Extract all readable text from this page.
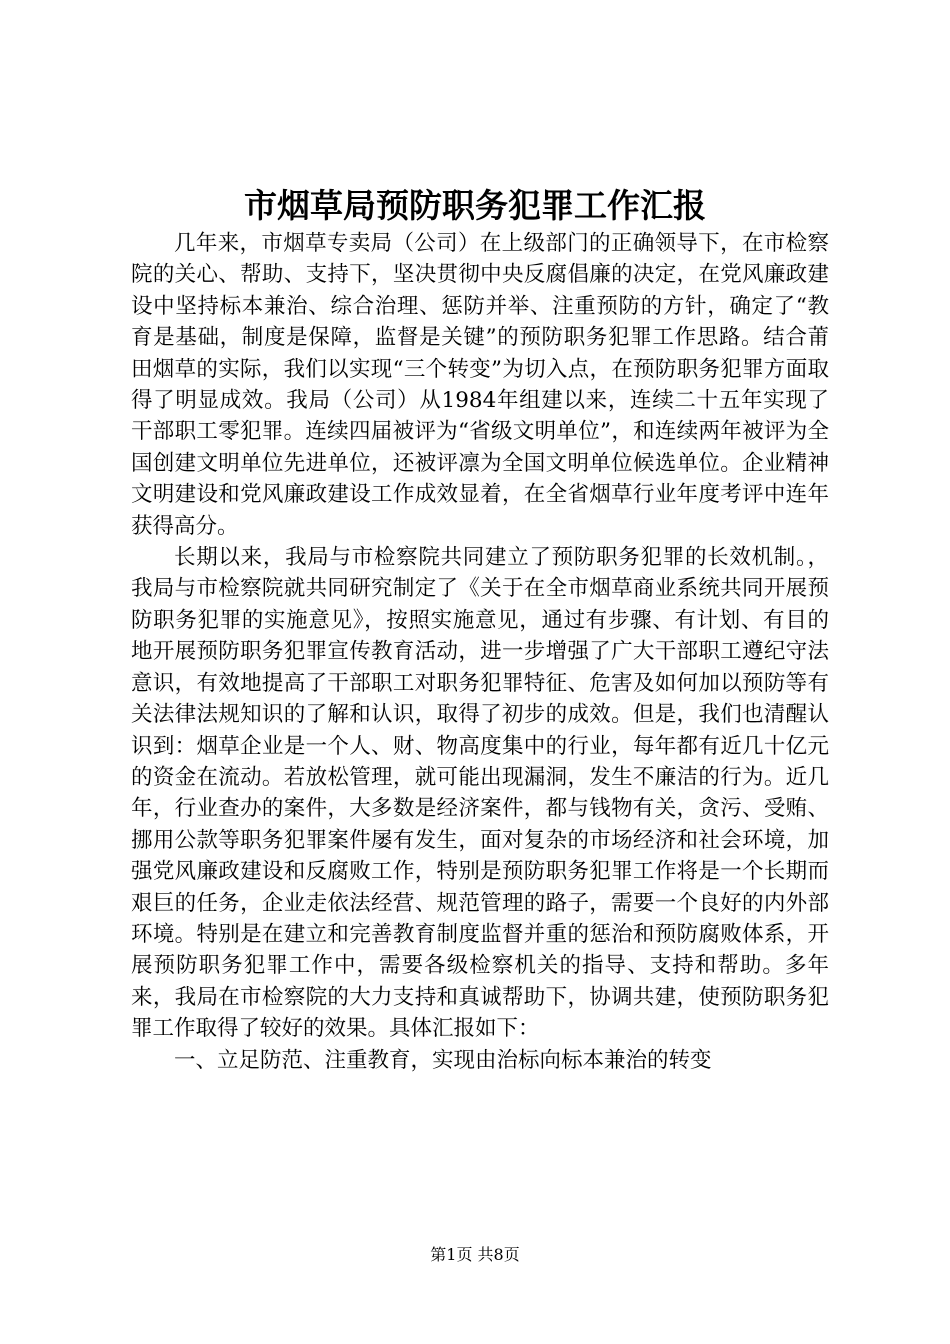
市烟草局预防职务犯罪工作汇报

几年来，市烟草专卖局（公司）在上级部门的正确领导下，在市检察院的关心、帮助、支持下，坚决贯彻中央反腐倡廉的决定，在党风廉政建设中坚持标本兼治、综合治理、惩防并举、注重预防的方针，确定了“教育是基础，制度是保障，监督是关键”的预防职务犯罪工作思路。结合莆田烟草的实际，我们以实现“三个转变”为切入点，在预防职务犯罪方面取得了明显成效。我局（公司）从1984年组建以来，连续二十五年实现了干部职工零犯罪。连续四届被评为“省级文明单位”，和连续两年被评为全国创建文明单位先进单位，还被评凛为全国文明单位候选单位。企业精神文明建设和党风廉政建设工作成效显着，在全省烟草行业年度考评中连年获得高分。

长期以来，我局与市检察院共同建立了预防职务犯罪的长效机制。，我局与市检察院就共同研究制定了《关于在全市烟草商业系统共同开展预防职务犯罪的实施意见》，按照实施意见，通过有步骤、有计划、有目的地开展预防职务犯罪宣传教育活动，进一步增强了广大干部职工遵纪守法意识，有效地提高了干部职工对职务犯罪特征、危害及如何加以预防等有关法律法规知识的了解和认识，取得了初步的成效。但是，我们也清醒认识到：烟草企业是一个人、财、物高度集中的行业，每年都有近几十亿元的资金在流动。若放松管理，就可能出现漏洞，发生不廉洁的行为。近几年，行业查办的案件，大多数是经济案件，都与钱物有关，贪污、受贿、挪用公款等职务犯罪案件屡有发生，面对复杂的市场经济和社会环境，加强党风廉政建设和反腐败工作，特别是预防职务犯罪工作将是一个长期而艰巨的任务，企业走依法经营、规范管理的路子，需要一个良好的内外部环境。特别是在建立和完善教育制度监督并重的惩治和预防腐败体系，开展预防职务犯罪工作中，需要各级检察机关的指导、支持和帮助。多年来，我局在市检察院的大力支持和真诚帮助下，协调共建，使预防职务犯罪工作取得了较好的效果。具体汇报如下：

一、立足防范、注重教育，实现由治标向标本兼治的转变

第1页 共8页
